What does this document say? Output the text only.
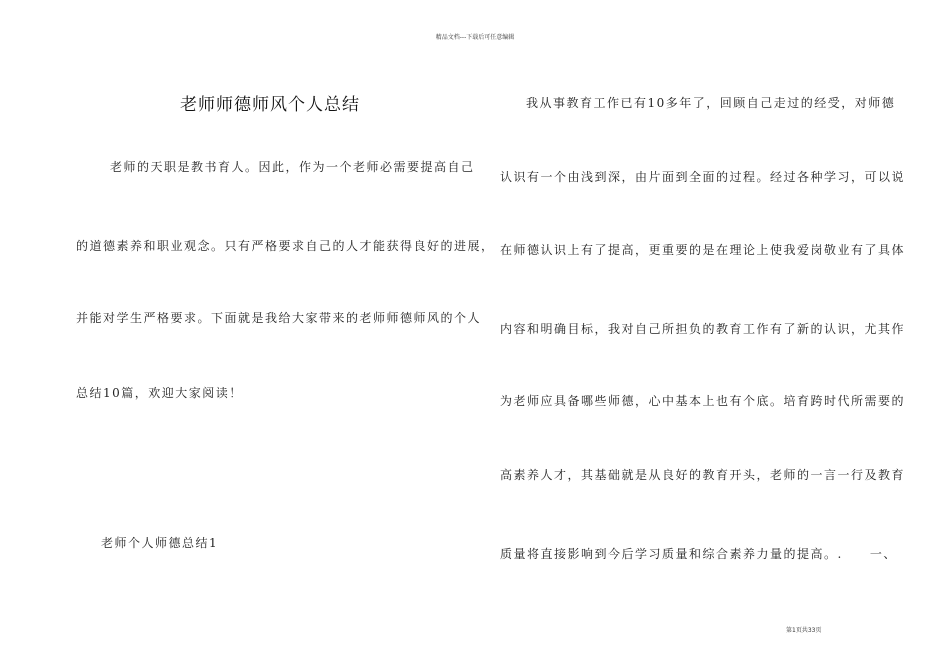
精品文档---下载后可任意编辑
老师师德师风个人总结
老师的天职是教书育人。因此，作为一个老师必需要提高自己
的道德素养和职业观念。只有严格要求自己的人才能获得良好的进展，
并能对学生严格要求。下面就是我给大家带来的老师师德师风的个人
总结10篇，欢迎大家阅读！
老师个人师德总结1
我从事教育工作已有10多年了，回顾自己走过的经受，对师德
认识有一个由浅到深，由片面到全面的过程。经过各种学习，可以说
在师德认识上有了提高，更重要的是在理论上使我爱岗敬业有了具体
内容和明确目标，我对自己所担负的教育工作有了新的认识，尤其作
为老师应具备哪些师德，心中基本上也有个底。培育跨时代所需要的
高素养人才，其基础就是从良好的教育开头，老师的一言一行及教育
质量将直接影响到今后学习质量和综合素养力量的提高。.　　一、
第1页共33页
